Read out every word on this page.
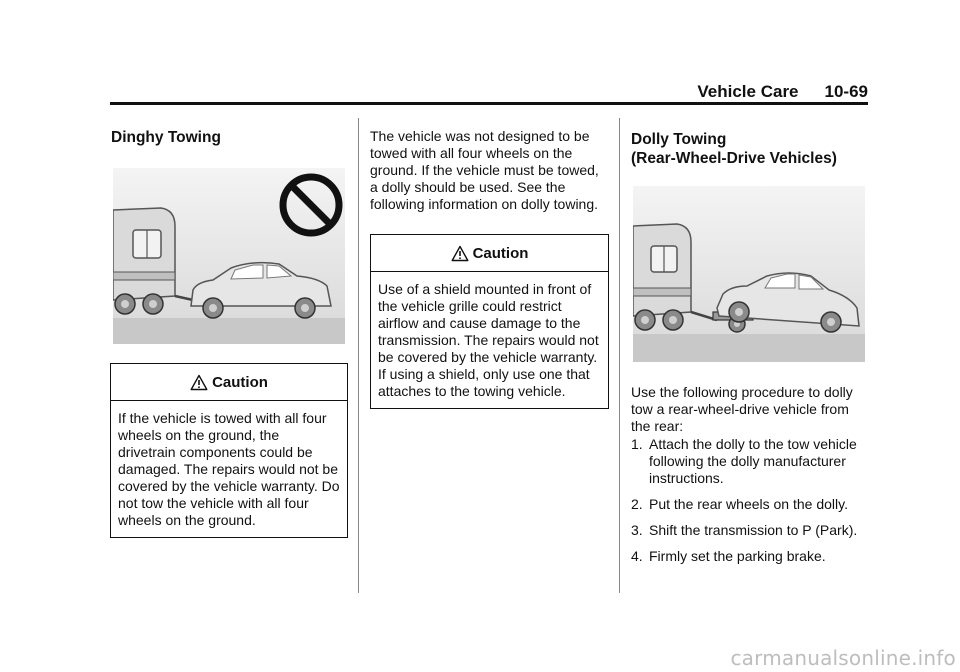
Vehicle Care 10-69
Dinghy Towing
Caution
If the vehicle is towed with all four wheels on the ground, the drivetrain components could be damaged. The repairs would not be covered by the vehicle warranty. Do not tow the vehicle with all four wheels on the ground.
The vehicle was not designed to be towed with all four wheels on the ground. If the vehicle must be towed, a dolly should be used. See the following information on dolly towing.
Caution
Use of a shield mounted in front of the vehicle grille could restrict airflow and cause damage to the transmission. The repairs would not be covered by the vehicle warranty. If using a shield, only use one that attaches to the towing vehicle.
Dolly Towing
(Rear-Wheel-Drive Vehicles)
Use the following procedure to dolly tow a rear-wheel-drive vehicle from the rear:
1. Attach the dolly to the tow vehicle following the dolly manufacturer instructions.
2. Put the rear wheels on the dolly.
3. Shift the transmission to P (Park).
4. Firmly set the parking brake.
carmanualsonline.info
